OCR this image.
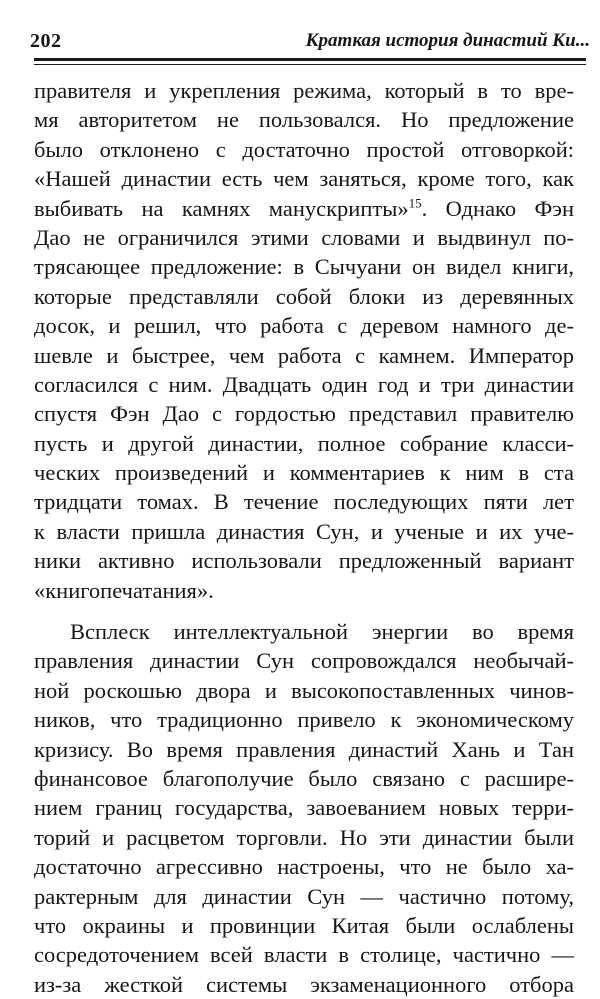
202	Краткая история династий Ки...
правителя и укрепления режима, который в то вре-
мя авторитетом не пользовался. Но предложение
было отклонено с достаточно простой отговоркой:
«Нашей династии есть чем заняться, кроме того, как
выбивать на камнях манускрипты»$^{15}$. Однако Фэн
Дао не ограничился этими словами и выдвинул по-
трясающее предложение: в Сычуани он видел книги,
которые представляли собой блоки из деревянных
досок, и решил, что работа с деревом намного де-
шевле и быстрее, чем работа с камнем. Император
согласился с ним. Двадцать один год и три династии
спустя Фэн Дао с гордостью представил правителю
пусть и другой династии, полное собрание класси-
ческих произведений и комментариев к ним в ста
тридцати томах. В течение последующих пяти лет
к власти пришла династия Сун, и ученые и их уче-
ники активно использовали предложенный вариант
«книгопечатания».
Всплеск интеллектуальной энергии во время
правления династии Сун сопровождался необычай-
ной роскошью двора и высокопоставленных чинов-
ников, что традиционно привело к экономическому
кризису. Во время правления династий Хань и Тан
финансовое благополучие было связано с расшире-
нием границ государства, завоеванием новых терри-
торий и расцветом торговли. Но эти династии были
достаточно агрессивно настроены, что не было ха-
рактерным для династии Сун — частично потому,
что окраины и провинции Китая были ослаблены
сосредоточением всей власти в столице, частично —
из-за жесткой системы экзаменационного отбора
